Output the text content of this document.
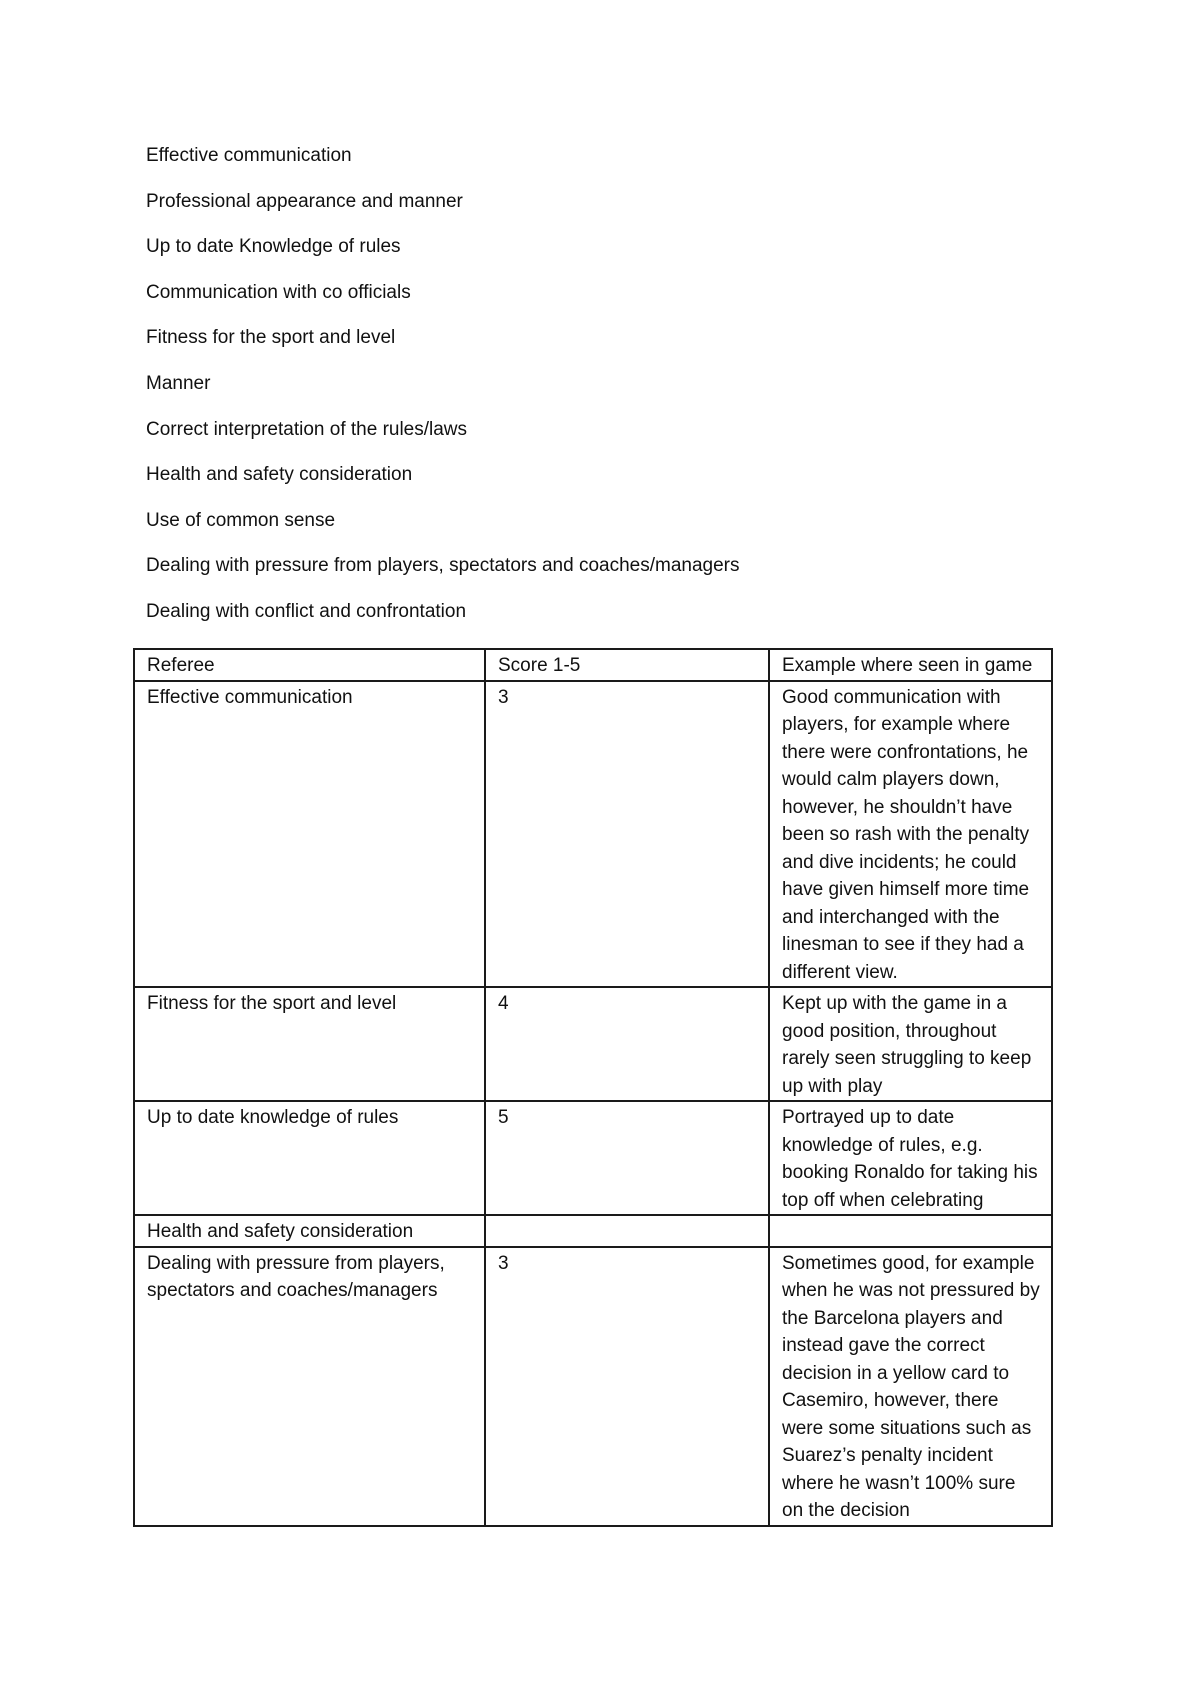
Effective communication
Professional appearance and manner
Up to date Knowledge of rules
Communication with co officials
Fitness for the sport and level
Manner
Correct interpretation of the rules/laws
Health and safety consideration
Use of common sense
Dealing with pressure from players, spectators and coaches/managers
Dealing with conflict and confrontation
Referee	Score 1-5	Example where seen in game
Effective communication	3	Good communication with players, for example where there were confrontations, he would calm players down, however, he shouldn’t have been so rash with the penalty and dive incidents; he could have given himself more time and interchanged with the linesman to see if they had a different view.
Fitness for the sport and level	4	Kept up with the game in a good position, throughout rarely seen struggling to keep up with play
Up to date knowledge of rules	5	Portrayed up to date knowledge of rules, e.g. booking Ronaldo for taking his top off when celebrating
Health and safety consideration		
Dealing with pressure from players, spectators and coaches/managers	3	Sometimes good, for example when he was not pressured by the Barcelona players and instead gave the correct decision in a yellow card to Casemiro, however, there were some situations such as Suarez’s penalty incident where he wasn’t 100% sure on the decision
